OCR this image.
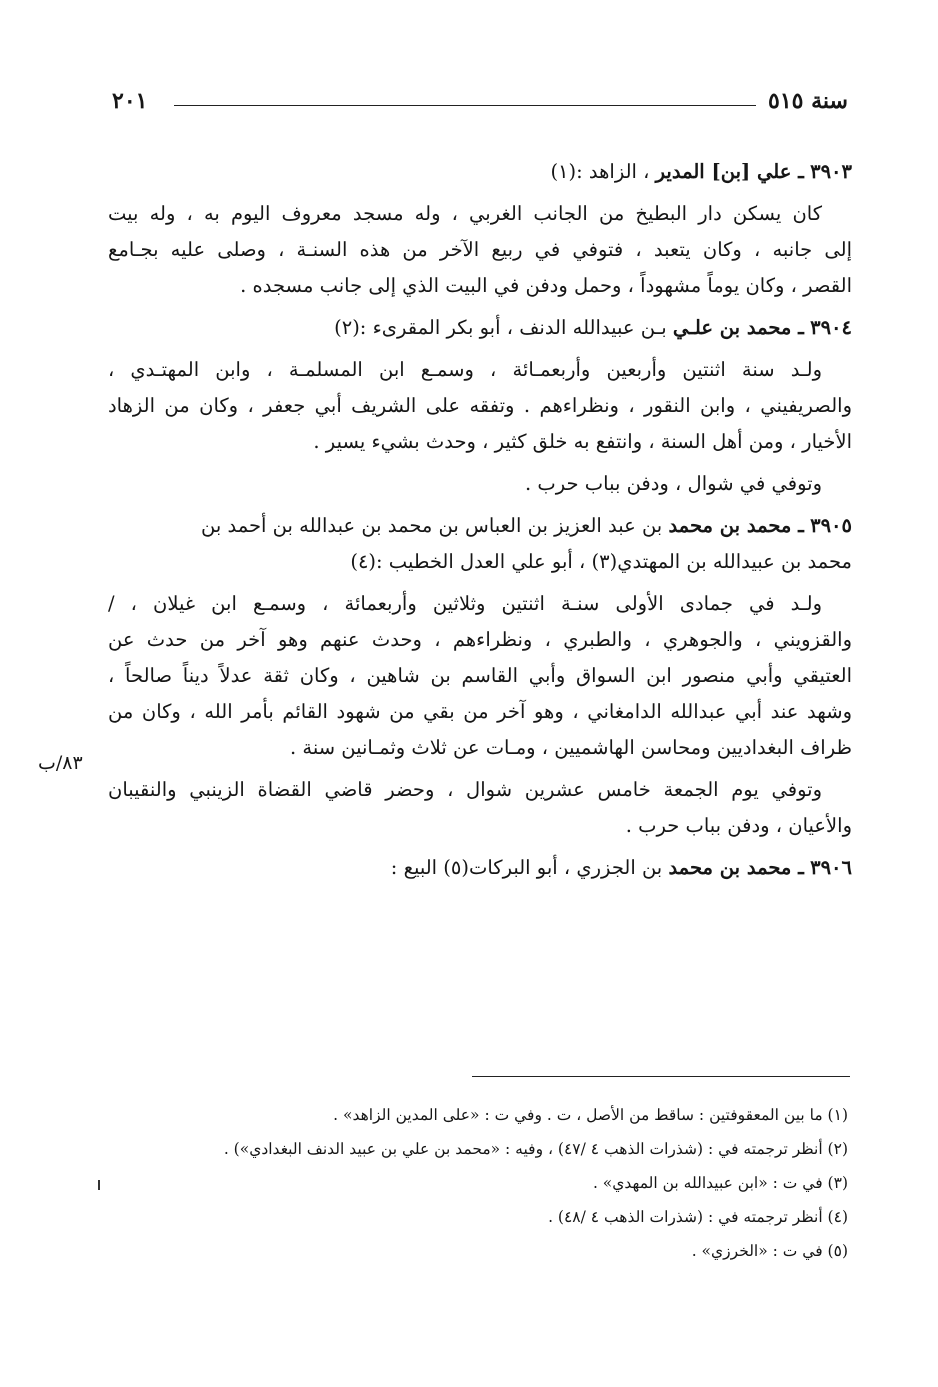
سنة ٥١٥
٢٠١
٨٣/ب
٣٩٠٣ ـ علي [بن] المدير ، الزاهد :(١)
كان يسكن دار البطيخ من الجانب الغربي ، وله مسجد معروف اليوم به ، وله بيت
إلى جانبه ، وكان يتعبد ، فتوفي في ربيع الآخر من هذه السنـة ، وصلى عليه بجـامع
القصر ، وكان يوماً مشهوداً ، وحمل ودفن في البيت الذي إلى جانب مسجده .
٣٩٠٤ ـ محمد بن علـي بـن عبيدالله الدنف ، أبو بكر المقرىء :(٢)
ولـد سنة اثنتين وأربعين وأربعمـائة ، وسمـع ابن المسلمـة ، وابن المهتـدي ،
والصريفيني ، وابن النقور ، ونظراءهم . وتفقه على الشريف أبي جعفر ، وكان من الزهاد
الأخيار ، ومن أهل السنة ، وانتفع به خلق كثير ، وحدث بشيء يسير .
وتوفي في شوال ، ودفن بباب حرب .
٣٩٠٥ ـ محمد بن محمد بن عبد العزيز بن العباس بن محمد بن عبدالله بن أحمد بن
محمد بن عبيدالله بن المهتدي(٣) ، أبو علي العدل الخطيب :(٤)
ولـد في جمادى الأولى سنـة اثنتين وثلاثين وأربعمائة ، وسمـع ابن غيلان ، /
والقزويني ، والجوهري ، والطبري ، ونظراءهم ، وحدث عنهم وهو آخر من حدث عن
العتيقي وأبي منصور ابن السواق وأبي القاسم بن شاهين ، وكان ثقة عدلاً ديناً صالحاً ،
وشهد عند أبي عبدالله الدامغاني ، وهو آخر من بقي من شهود القائم بأمر الله ، وكان من
ظراف البغداديين ومحاسن الهاشميين ، ومـات عن ثلاث وثمـانين سنة .
وتوفي يوم الجمعة خامس عشرين شوال ، وحضر قاضي القضاة الزينبي والنقيبان
والأعيان ، ودفن بباب حرب .
٣٩٠٦ ـ محمد بن محمد بن الجزري ، أبو البركات(٥) البيع :
(١) ما بين المعقوفتين : ساقط من الأصل ، ت . وفي ت : «على المدين الزاهد» .
(٢) أنظر ترجمته في : (شذرات الذهب ٤ /٤٧) ، وفيه : «محمد بن علي بن عبيد الدنف البغدادي») .
(٣) في ت : «ابن عبيدالله بن المهدي» .
(٤) أنظر ترجمته في : (شذرات الذهب ٤ /٤٨) .
(٥) في ت : «الخرزي» .
